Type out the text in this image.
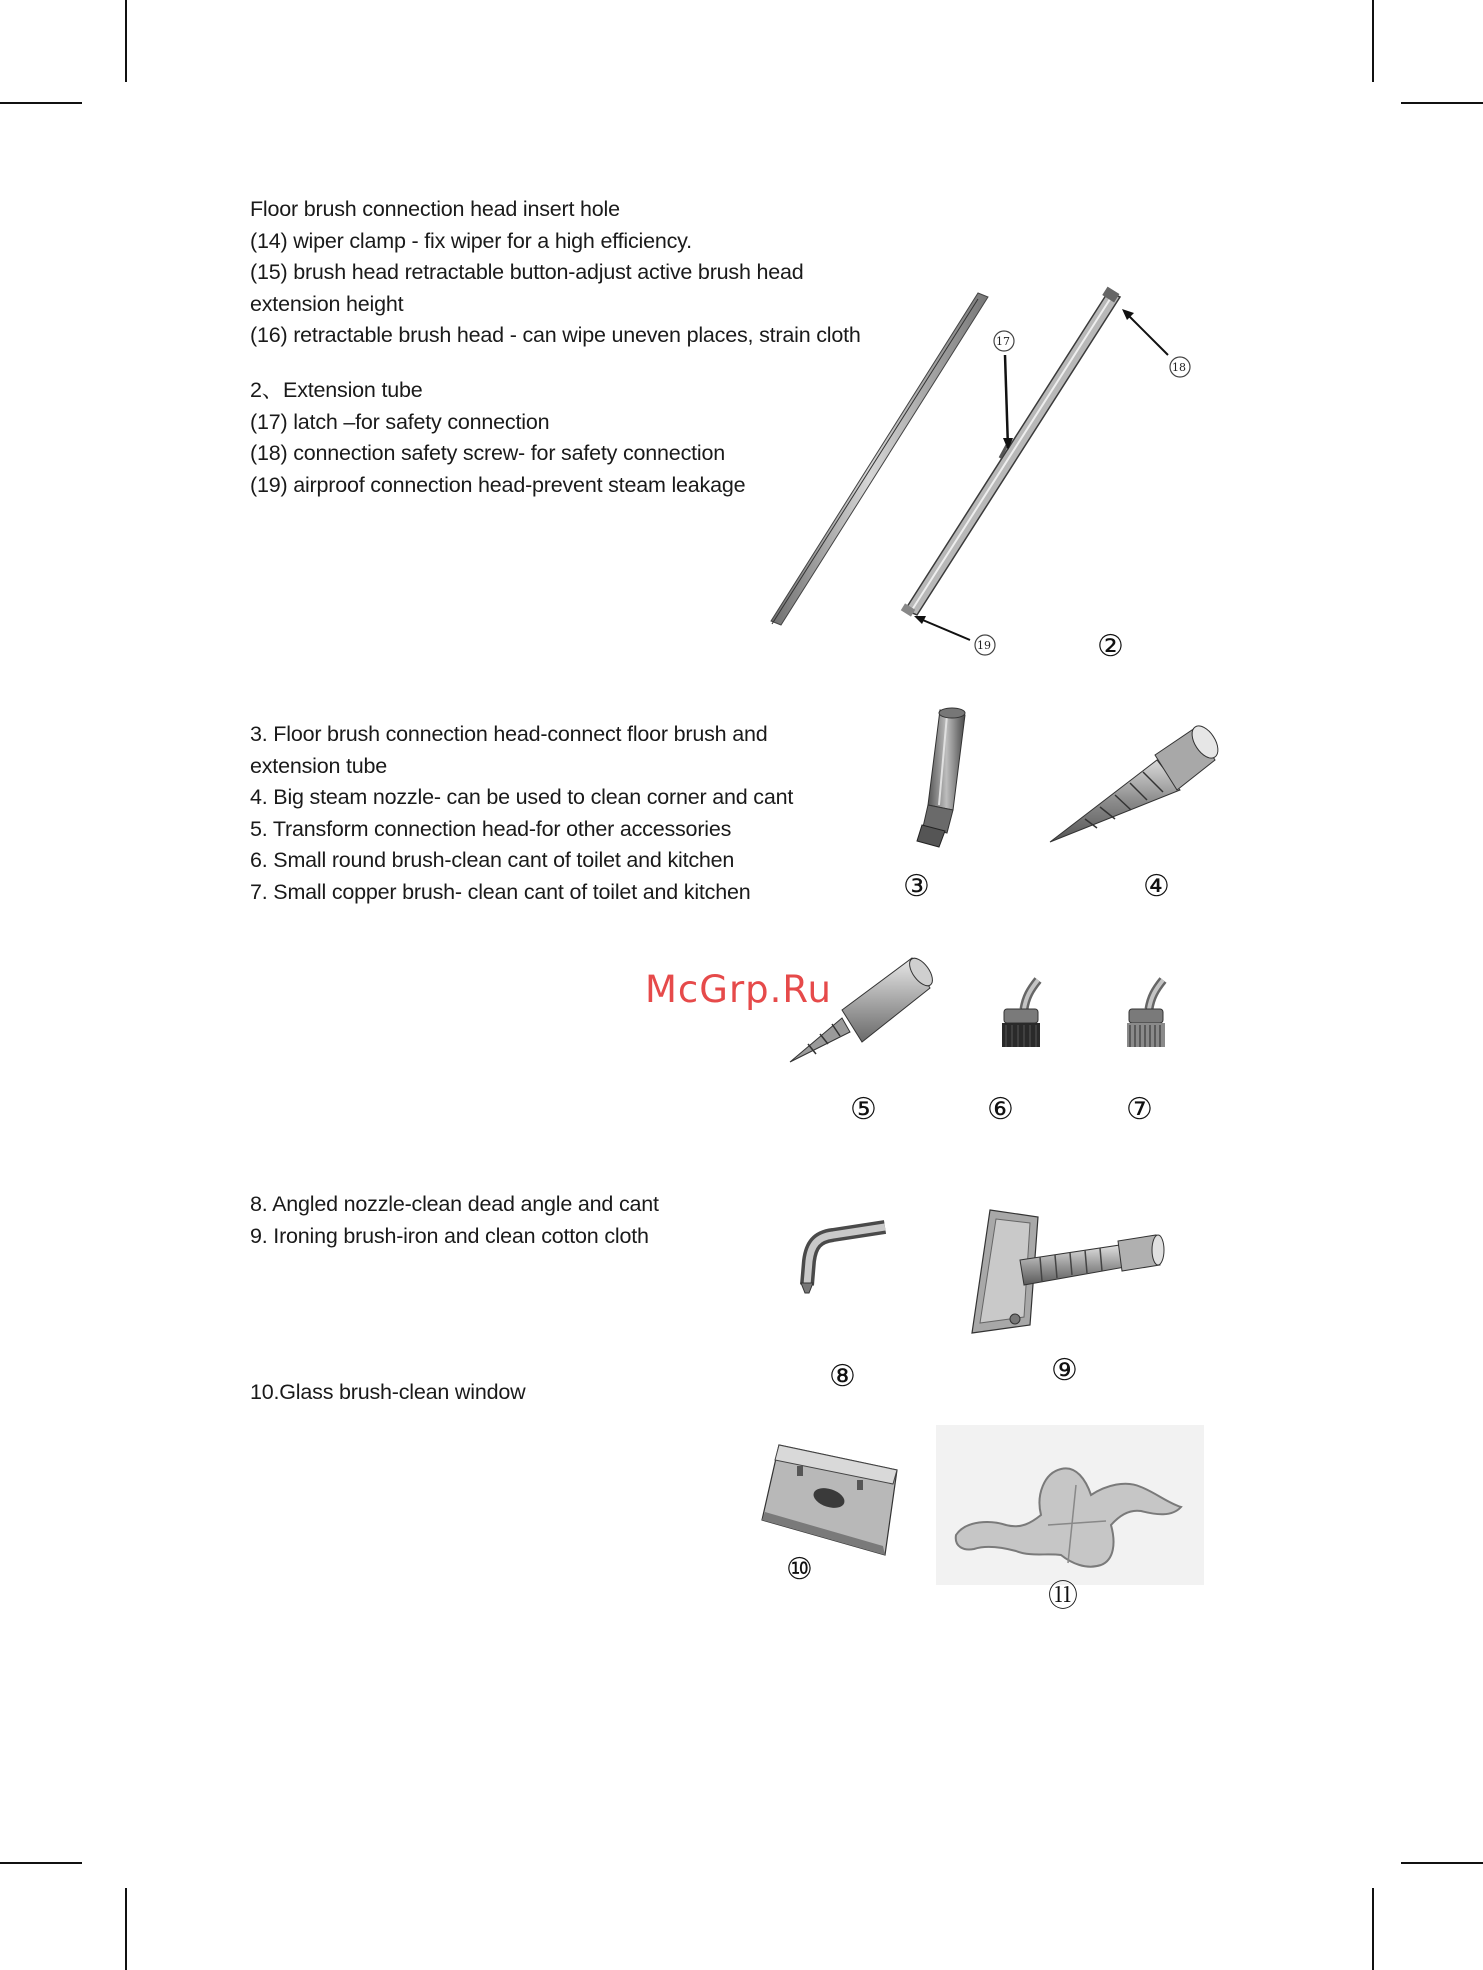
Floor brush connection head insert hole
(14) wiper clamp - fix wiper for a high efficiency.
(15) brush head retractable button-adjust active brush head
extension height
(16) retractable brush head - can wipe uneven places, strain cloth
2、Extension tube
(17) latch –for safety connection
(18) connection safety screw- for safety connection
(19) airproof connection head-prevent steam leakage
3. Floor brush connection head-connect floor brush and
extension tube
4. Big steam nozzle- can be used to clean corner and cant
5. Transform connection head-for other accessories
6. Small round brush-clean cant of toilet and kitchen
7. Small copper brush- clean cant of toilet and kitchen
8. Angled nozzle-clean dead angle and cant
9. Ironing brush-iron and clean cotton cloth
10.Glass brush-clean window
17
18
19	②
③	④
⑤	⑥	⑦
⑧	⑨
⑩
⑪
McGrp.Ru
